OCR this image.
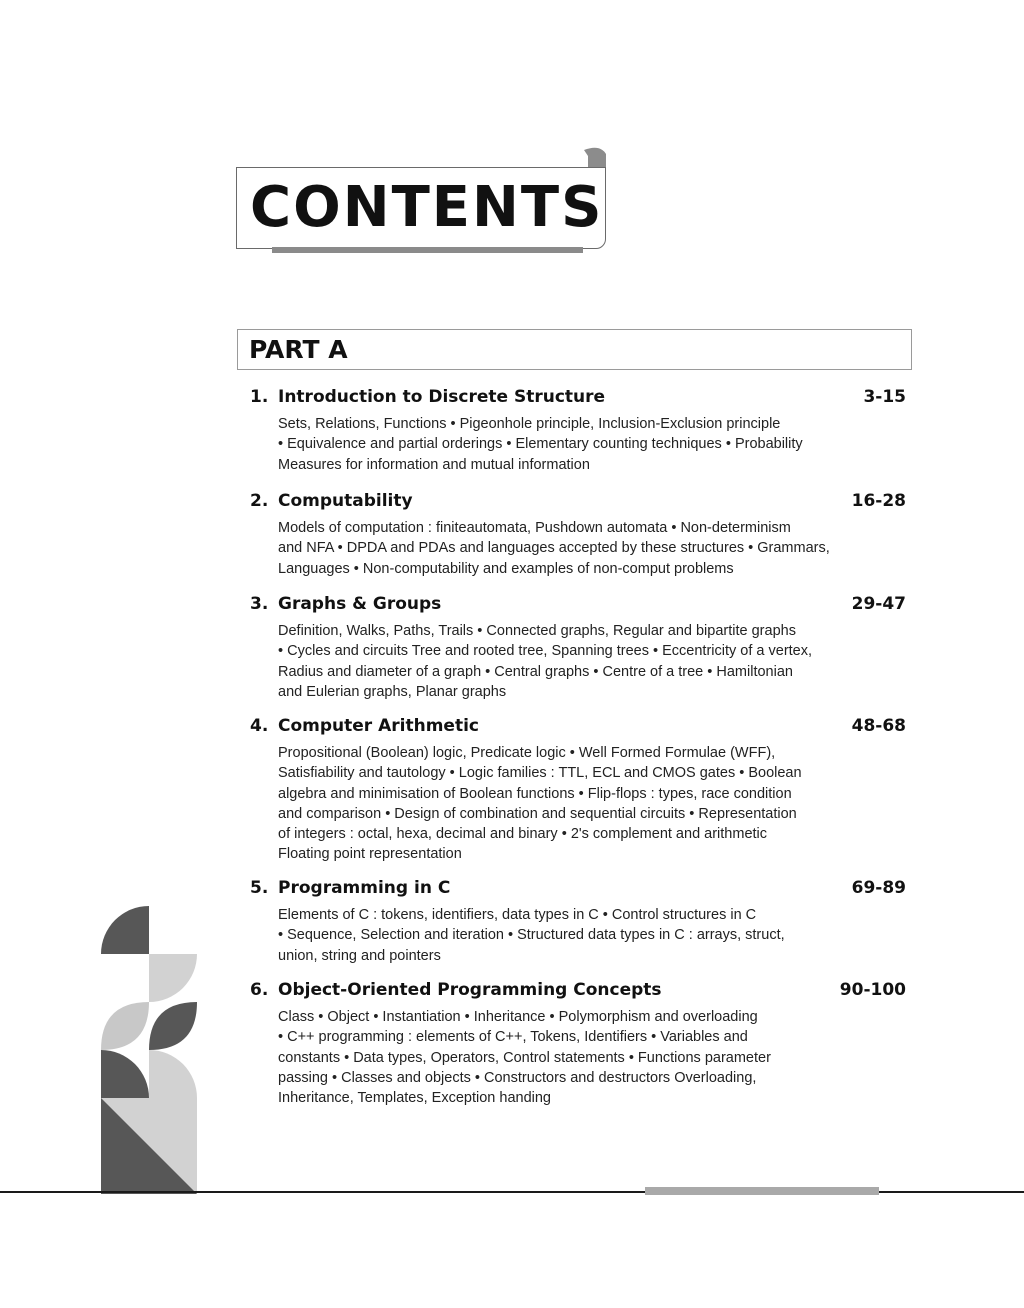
CONTENTS
PART A
1. Introduction to Discrete Structure	3-15
Sets, Relations, Functions • Pigeonhole principle, Inclusion-Exclusion principle
• Equivalence and partial orderings • Elementary counting techniques • Probability
Measures for information and mutual information
2. Computability	16-28
Models of computation : finiteautomata, Pushdown automata • Non-determinism
and NFA • DPDA and PDAs and languages accepted by these structures • Grammars,
Languages • Non-computability and examples of non-comput problems
3. Graphs & Groups	29-47
Definition, Walks, Paths, Trails • Connected graphs, Regular and bipartite graphs
• Cycles and circuits Tree and rooted tree, Spanning trees • Eccentricity of a vertex,
Radius and diameter of a graph • Central graphs • Centre of a tree • Hamiltonian
and Eulerian graphs, Planar graphs
4. Computer Arithmetic	48-68
Propositional (Boolean) logic, Predicate logic • Well Formed Formulae (WFF),
Satisfiability and tautology • Logic families : TTL, ECL and CMOS gates • Boolean
algebra and minimisation of Boolean functions • Flip-flops : types, race condition
and comparison • Design of combination and sequential circuits • Representation
of integers : octal, hexa, decimal and binary • 2's complement and arithmetic
Floating point representation
5. Programming in C	69-89
Elements of C : tokens, identifiers, data types in C • Control structures in C
• Sequence, Selection and iteration • Structured data types in C : arrays, struct,
union, string and pointers
6. Object-Oriented Programming Concepts	90-100
Class • Object • Instantiation • Inheritance • Polymorphism and overloading
• C++ programming : elements of C++, Tokens, Identifiers • Variables and
constants • Data types, Operators, Control statements • Functions parameter
passing • Classes and objects • Constructors and destructors Overloading,
Inheritance, Templates, Exception handing
